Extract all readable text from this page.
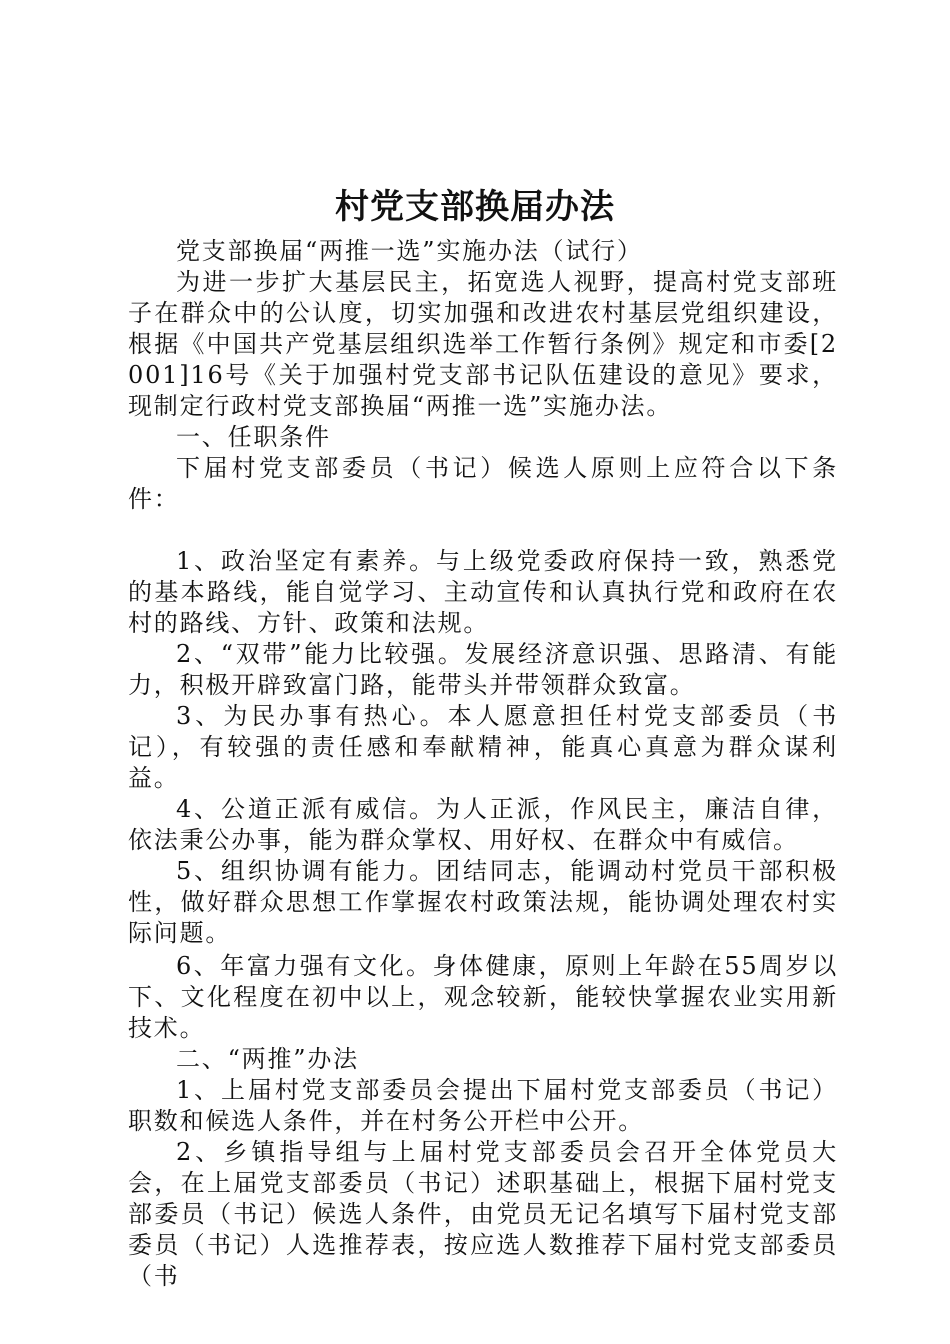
村党支部换届办法

党支部换届“两推一选”实施办法（试行）

为进一步扩大基层民主，拓宽选人视野，提高村党支部班子在群众中的公认度，切实加强和改进农村基层党组织建设，根据《中国共产党基层组织选举工作暂行条例》规定和市委[2001]16号《关于加强村党支部书记队伍建设的意见》要求，现制定行政村党支部换届“两推一选”实施办法。

一、任职条件

下届村党支部委员（书记）候选人原则上应符合以下条件：

1、政治坚定有素养。与上级党委政府保持一致，熟悉党的基本路线，能自觉学习、主动宣传和认真执行党和政府在农村的路线、方针、政策和法规。

2、“双带”能力比较强。发展经济意识强、思路清、有能力，积极开辟致富门路，能带头并带领群众致富。

3、为民办事有热心。本人愿意担任村党支部委员（书记），有较强的责任感和奉献精神，能真心真意为群众谋利益。

4、公道正派有威信。为人正派，作风民主，廉洁自律，依法秉公办事，能为群众掌权、用好权、在群众中有威信。

5、组织协调有能力。团结同志，能调动村党员干部积极性，做好群众思想工作掌握农村政策法规，能协调处理农村实际问题。

6、年富力强有文化。身体健康，原则上年龄在55周岁以下、文化程度在初中以上，观念较新，能较快掌握农业实用新技术。

二、“两推”办法

1、上届村党支部委员会提出下届村党支部委员（书记）职数和候选人条件，并在村务公开栏中公开。

2、乡镇指导组与上届村党支部委员会召开全体党员大会，在上届党支部委员（书记）述职基础上，根据下届村党支部委员（书记）候选人条件，由党员无记名填写下届村党支部委员（书记）人选推荐表，按应选人数推荐下届村党支部委员（书
